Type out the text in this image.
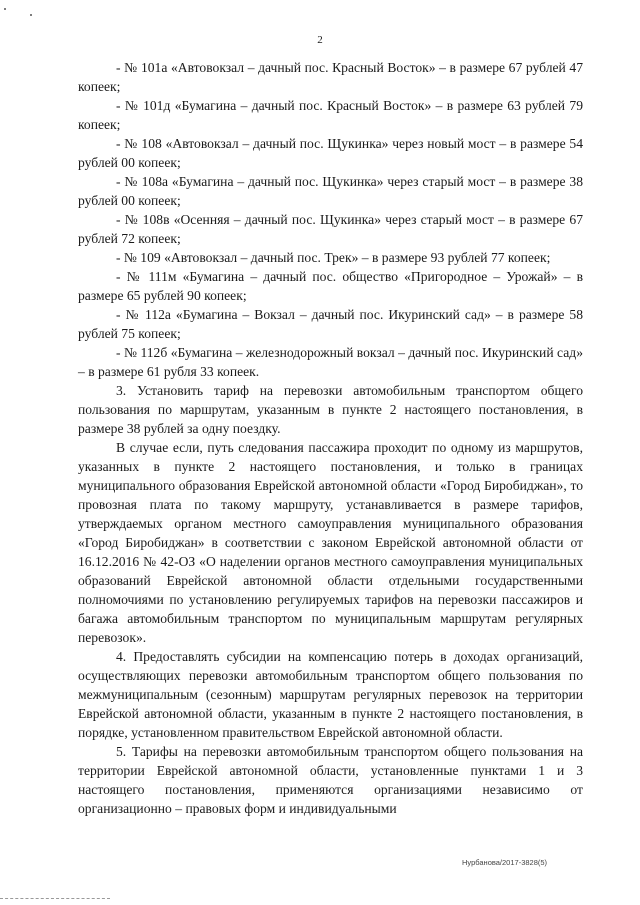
2

- № 101а «Автовокзал – дачный пос. Красный Восток» – в размере 67 рублей 47 копеек;

- № 101д «Бумагина – дачный пос. Красный Восток» – в размере 63 рублей 79 копеек;

- № 108 «Автовокзал – дачный пос. Щукинка» через новый мост – в размере 54 рублей 00 копеек;

- № 108а «Бумагина – дачный пос. Щукинка» через старый мост – в размере 38 рублей 00 копеек;

- № 108в «Осенняя – дачный пос. Щукинка» через старый мост – в размере 67 рублей 72 копеек;

- № 109 «Автовокзал – дачный пос. Трек» – в размере 93 рублей 77 копеек;

- № 111м «Бумагина – дачный пос. общество «Пригородное – Урожай» – в размере 65 рублей 90 копеек;

- № 112а «Бумагина – Вокзал – дачный пос. Икуринский сад» – в размере 58 рублей 75 копеек;

- № 112б «Бумагина – железнодорожный вокзал – дачный пос. Икуринский сад» – в размере 61 рубля 33 копеек.

3. Установить тариф на перевозки автомобильным транспортом общего пользования по маршрутам, указанным в пункте 2 настоящего постановления, в размере 38 рублей за одну поездку.

В случае если, путь следования пассажира проходит по одному из маршрутов, указанных в пункте 2 настоящего постановления, и только в границах муниципального образования Еврейской автономной области «Город Биробиджан», то провозная плата по такому маршруту, устанавливается в размере тарифов, утверждаемых органом местного самоуправления муниципального образования «Город Биробиджан» в соответствии с законом Еврейской автономной области от 16.12.2016 № 42-ОЗ «О наделении органов местного самоуправления муниципальных образований Еврейской автономной области отдельными государственными полномочиями по установлению регулируемых тарифов на перевозки пассажиров и багажа автомобильным транспортом по муниципальным маршрутам регулярных перевозок».

4. Предоставлять субсидии на компенсацию потерь в доходах организаций, осуществляющих перевозки автомобильным транспортом общего пользования по межмуниципальным (сезонным) маршрутам регулярных перевозок на территории Еврейской автономной области, указанным в пункте 2 настоящего постановления, в порядке, установленном правительством Еврейской автономной области.

5. Тарифы на перевозки автомобильным транспортом общего пользования на территории Еврейской автономной области, установленные пунктами 1 и 3 настоящего постановления, применяются организациями независимо от организационно – правовых форм и индивидуальными

Нурбанова/2017-3828(5)
